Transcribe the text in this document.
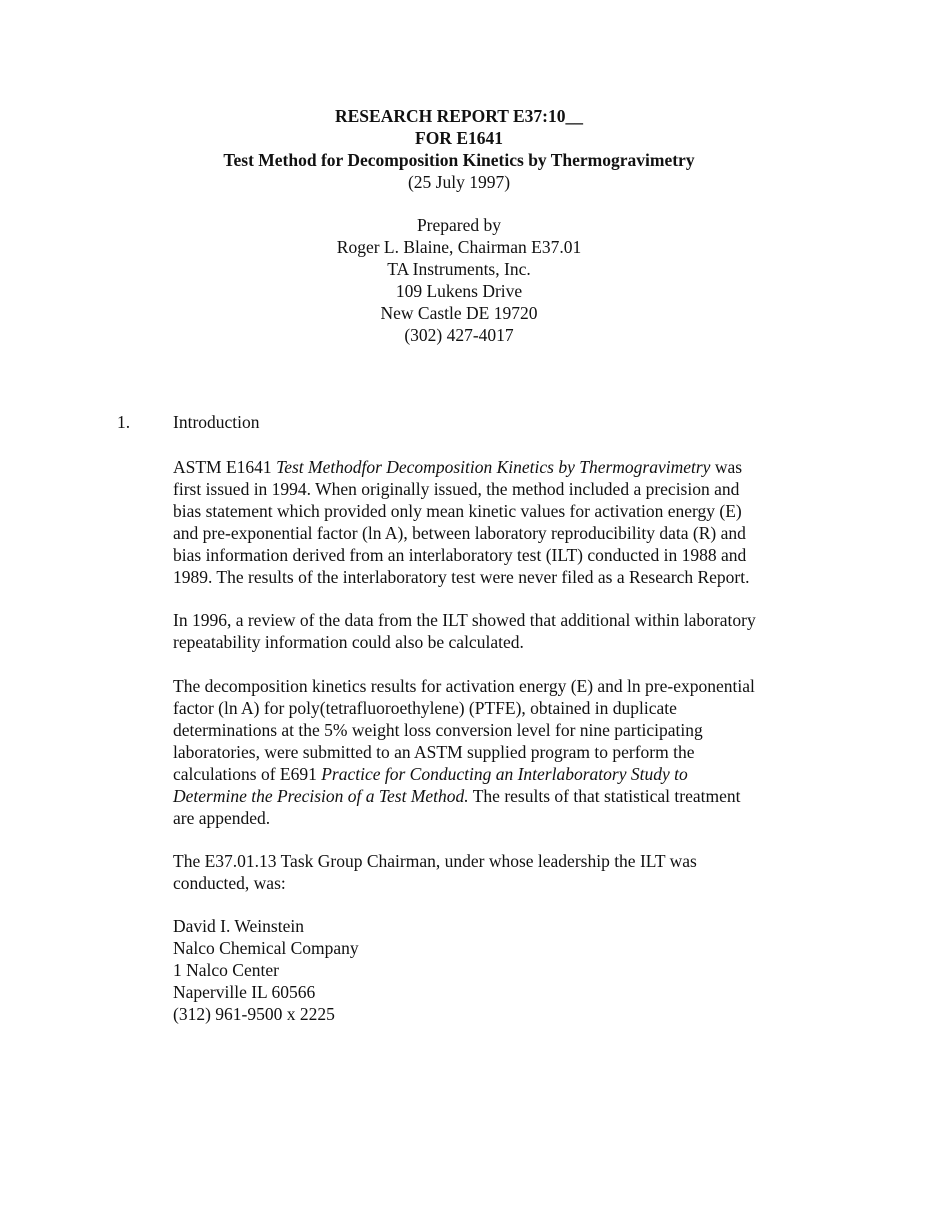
RESEARCH REPORT E37:10__
FOR E1641
Test Method for Decomposition Kinetics by Thermogravimetry
(25 July 1997)
Prepared by
Roger L. Blaine, Chairman E37.01
TA Instruments, Inc.
109 Lukens Drive
New Castle DE 19720
(302) 427-4017
1. Introduction
ASTM E1641 Test Methodfor Decomposition Kinetics by Thermogravimetry was
first issued in 1994. When originally issued, the method included a precision and
bias statement which provided only mean kinetic values for activation energy (E)
and pre-exponential factor (ln A), between laboratory reproducibility data (R) and
bias information derived from an interlaboratory test (ILT) conducted in 1988 and
1989. The results of the interlaboratory test were never filed as a Research Report.
In 1996, a review of the data from the ILT showed that additional within laboratory
repeatability information could also be calculated.
The decomposition kinetics results for activation energy (E) and ln pre-exponential
factor (ln A) for poly(tetrafluoroethylene) (PTFE), obtained in duplicate
determinations at the 5% weight loss conversion level for nine participating
laboratories, were submitted to an ASTM supplied program to perform the
calculations of E691 Practice for Conducting an Interlaboratory Study to
Determine the Precision of a Test Method. The results of that statistical treatment
are appended.
The E37.01.13 Task Group Chairman, under whose leadership the ILT was
conducted, was:
David I. Weinstein
Nalco Chemical Company
1 Nalco Center
Naperville IL 60566
(312) 961-9500 x 2225
